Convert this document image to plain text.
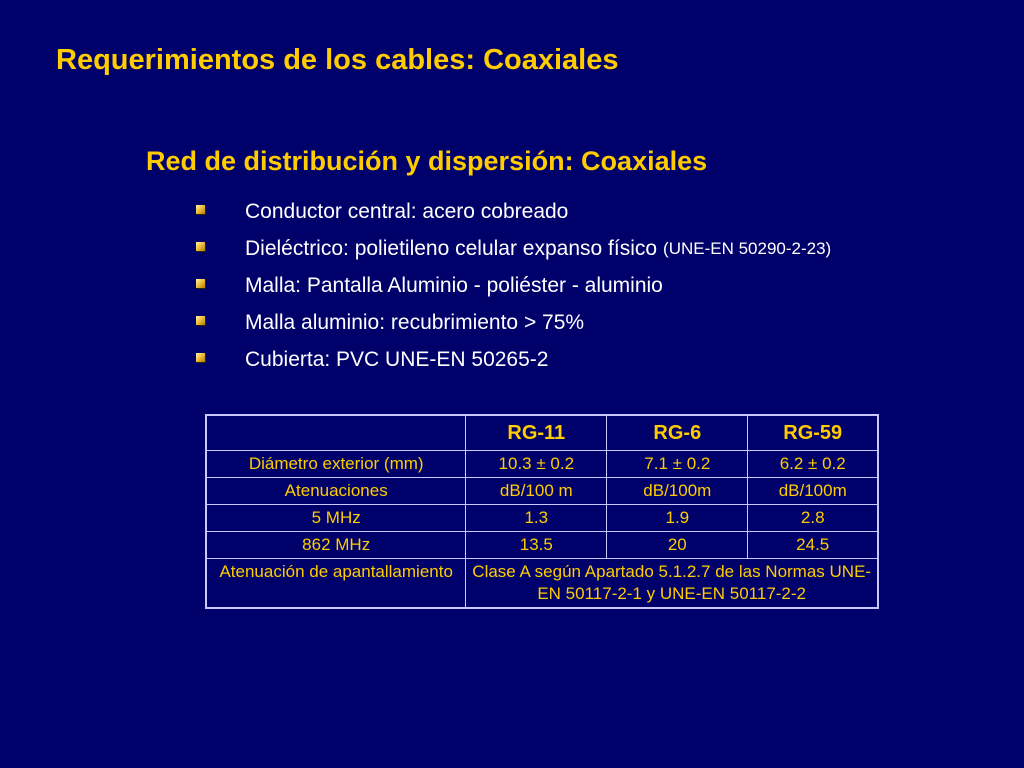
Requerimientos de los cables: Coaxiales
Red de distribución y dispersión: Coaxiales
Conductor central: acero cobreado
Dieléctrico: polietileno celular expanso físico (UNE-EN 50290-2-23)
Malla: Pantalla Aluminio - poliéster - aluminio
Malla aluminio: recubrimiento > 75%
Cubierta: PVC UNE-EN 50265-2
	RG-11	RG-6	RG-59
Diámetro exterior (mm)	10.3 ± 0.2	7.1 ± 0.2	6.2 ± 0.2
Atenuaciones	dB/100 m	dB/100m	dB/100m
5 MHz	1.3	1.9	2.8
862 MHz	13.5	20	24.5
Atenuación de apantallamiento	Clase A según Apartado 5.1.2.7 de las Normas UNE-EN 50117-2-1 y UNE-EN 50117-2-2		
